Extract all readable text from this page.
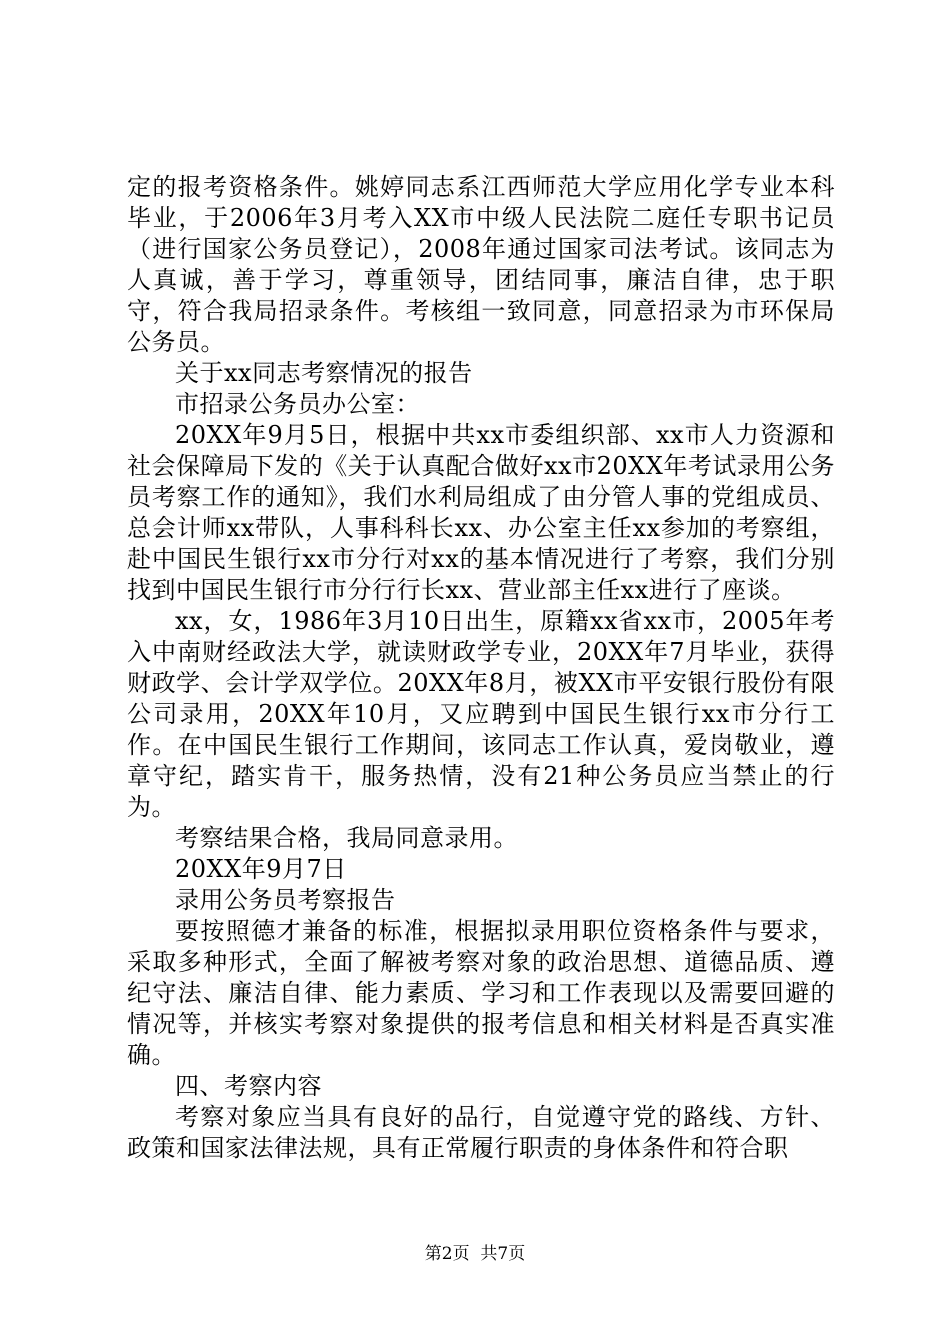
定的报考资格条件。姚婷同志系江西师范大学应用化学专业本科毕业，于2006年3月考入XX市中级人民法院二庭任专职书记员（进行国家公务员登记），2008年通过国家司法考试。该同志为人真诚，善于学习，尊重领导，团结同事，廉洁自律，忠于职守，符合我局招录条件。考核组一致同意，同意招录为市环保局公务员。

关于xx同志考察情况的报告

市招录公务员办公室：

20XX年9月5日，根据中共xx市委组织部、xx市人力资源和社会保障局下发的《关于认真配合做好xx市20XX年考试录用公务员考察工作的通知》，我们水利局组成了由分管人事的党组成员、总会计师xx带队，人事科科长xx、办公室主任xx参加的考察组，赴中国民生银行xx市分行对xx的基本情况进行了考察，我们分别找到中国民生银行市分行行长xx、营业部主任xx进行了座谈。

xx，女，1986年3月10日出生，原籍xx省xx市，2005年考入中南财经政法大学，就读财政学专业，20XX年7月毕业，获得财政学、会计学双学位。20XX年8月，被XX市平安银行股份有限公司录用，20XX年10月，又应聘到中国民生银行xx市分行工作。在中国民生银行工作期间，该同志工作认真，爱岗敬业，遵章守纪，踏实肯干，服务热情，没有21种公务员应当禁止的行为。

考察结果合格，我局同意录用。

20XX年9月7日

录用公务员考察报告

要按照德才兼备的标准，根据拟录用职位资格条件与要求，采取多种形式，全面了解被考察对象的政治思想、道德品质、遵纪守法、廉洁自律、能力素质、学习和工作表现以及需要回避的情况等，并核实考察对象提供的报考信息和相关材料是否真实准确。

四、考察内容

考察对象应当具有良好的品行，自觉遵守党的路线、方针、政策和国家法律法规，具有正常履行职责的身体条件和符合职

第2页 共7页
